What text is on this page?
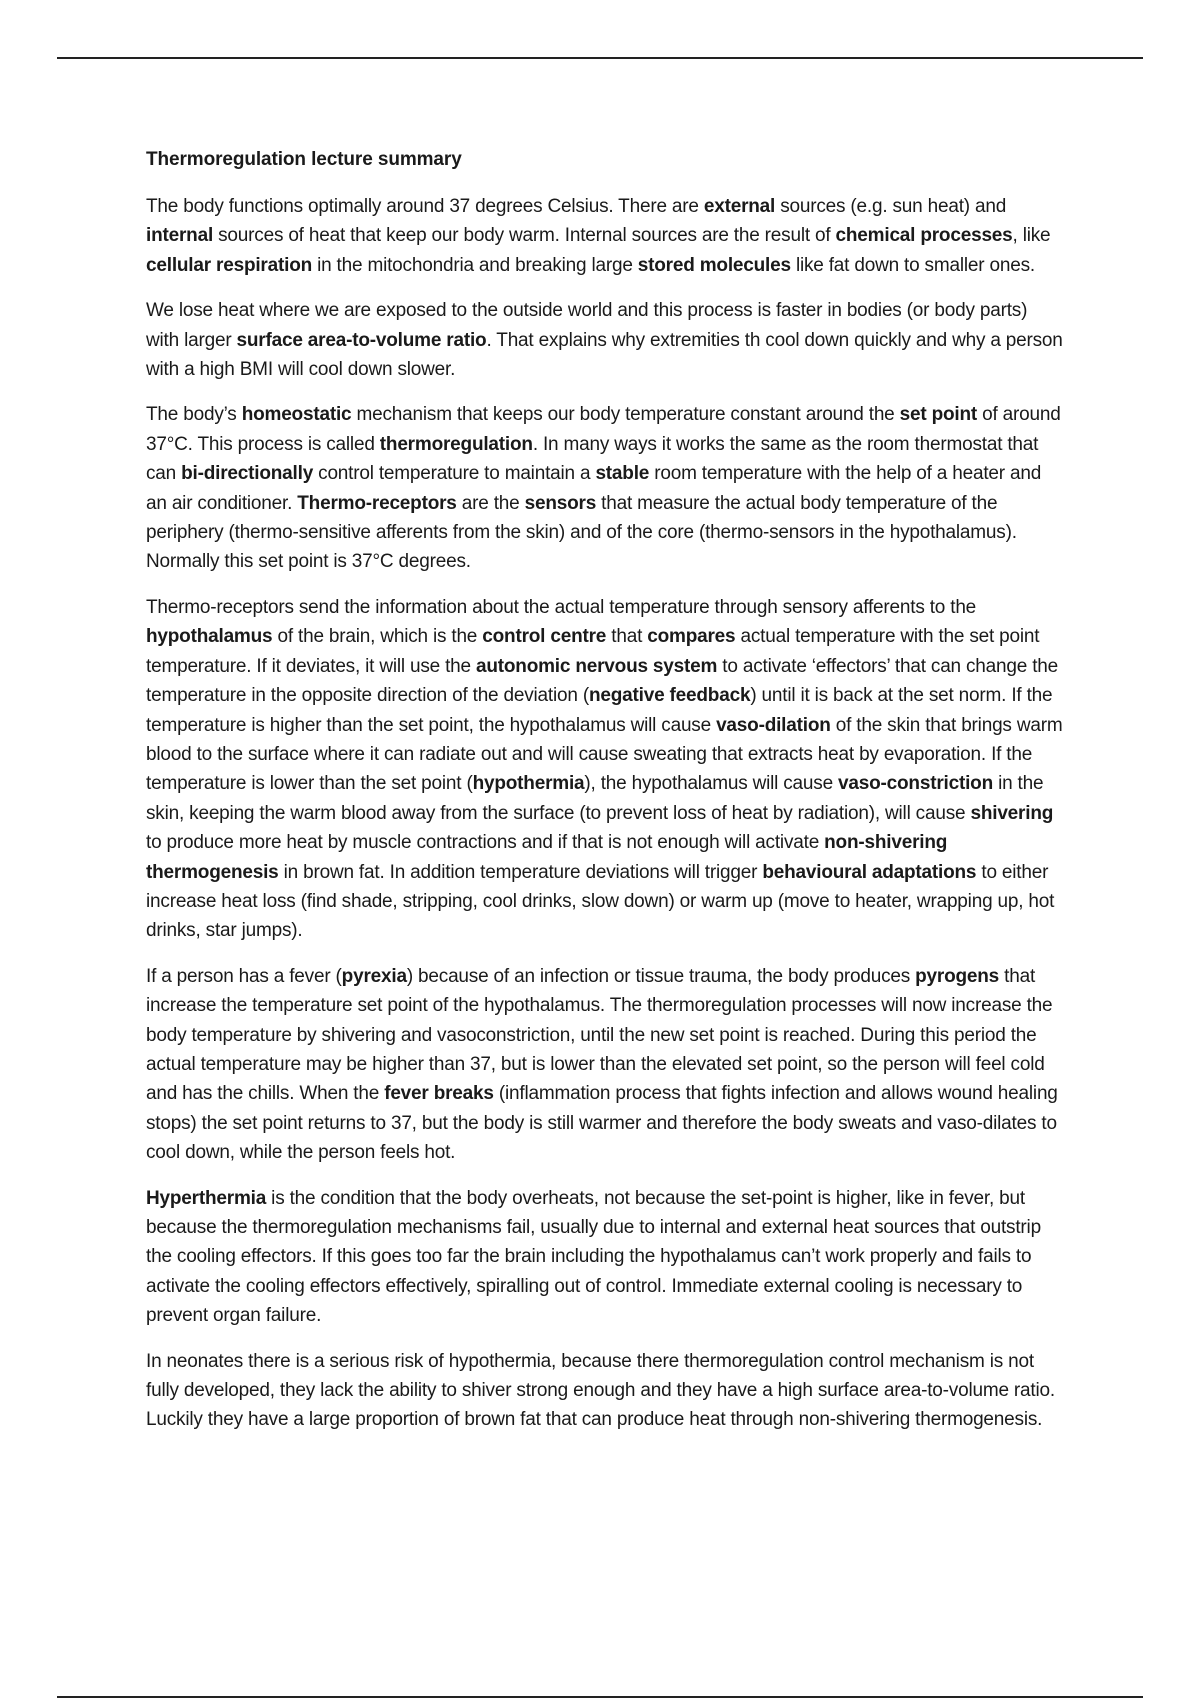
Thermoregulation lecture summary

The body functions optimally around 37 degrees Celsius. There are external sources (e.g. sun heat) and internal sources of heat that keep our body warm. Internal sources are the result of chemical processes, like cellular respiration in the mitochondria and breaking large stored molecules like fat down to smaller ones.

We lose heat where we are exposed to the outside world and this process is faster in bodies (or body parts) with larger surface area-to-volume ratio. That explains why extremities th cool down quickly and why a person with a high BMI will cool down slower.

The body’s homeostatic mechanism that keeps our body temperature constant around the set point of around 37°C. This process is called thermoregulation. In many ways it works the same as the room thermostat that can bi-directionally control temperature to maintain a stable room temperature with the help of a heater and an air conditioner. Thermo-receptors are the sensors that measure the actual body temperature of the periphery (thermo-sensitive afferents from the skin) and of the core (thermo-sensors in the hypothalamus). Normally this set point is 37°C degrees.

Thermo-receptors send the information about the actual temperature through sensory afferents to the hypothalamus of the brain, which is the control centre that compares actual temperature with the set point temperature. If it deviates, it will use the autonomic nervous system to activate ‘effectors’ that can change the temperature in the opposite direction of the deviation (negative feedback) until it is back at the set norm. If the temperature is higher than the set point, the hypothalamus will cause vaso-dilation of the skin that brings warm blood to the surface where it can radiate out and will cause sweating that extracts heat by evaporation. If the temperature is lower than the set point (hypothermia), the hypothalamus will cause vaso-constriction in the skin, keeping the warm blood away from the surface (to prevent loss of heat by radiation), will cause shivering to produce more heat by muscle contractions and if that is not enough will activate non-shivering thermogenesis in brown fat. In addition temperature deviations will trigger behavioural adaptations to either increase heat loss (find shade, stripping, cool drinks, slow down) or warm up (move to heater, wrapping up, hot drinks, star jumps).

If a person has a fever (pyrexia) because of an infection or tissue trauma, the body produces pyrogens that increase the temperature set point of the hypothalamus. The thermoregulation processes will now increase the body temperature by shivering and vasoconstriction, until the new set point is reached. During this period the actual temperature may be higher than 37, but is lower than the elevated set point, so the person will feel cold and has the chills. When the fever breaks (inflammation process that fights infection and allows wound healing stops) the set point returns to 37, but the body is still warmer and therefore the body sweats and vaso-dilates to cool down, while the person feels hot.

Hyperthermia is the condition that the body overheats, not because the set-point is higher, like in fever, but because the thermoregulation mechanisms fail, usually due to internal and external heat sources that outstrip the cooling effectors. If this goes too far the brain including the hypothalamus can’t work properly and fails to activate the cooling effectors effectively, spiralling out of control. Immediate external cooling is necessary to prevent organ failure.

In neonates there is a serious risk of hypothermia, because there thermoregulation control mechanism is not fully developed, they lack the ability to shiver strong enough and they have a high surface area-to-volume ratio. Luckily they have a large proportion of brown fat that can produce heat through non-shivering thermogenesis.
